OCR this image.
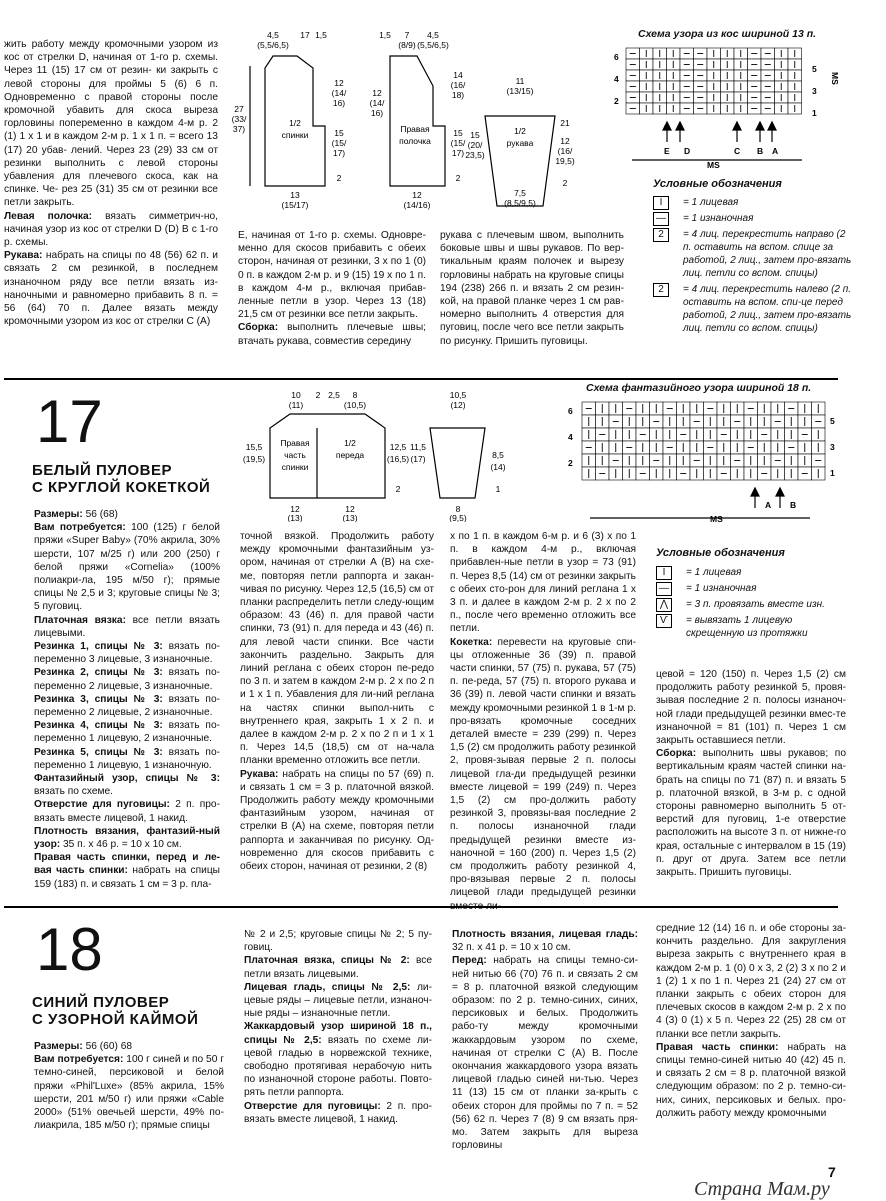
жить работу между кромочными узором из кос от стрелки D, начиная от 1-го р. схемы. Через 11 (15) 17 см от резин- ки закрыть с левой стороны для проймы 5 (6) 6 п. Одновременно с правой стороны после кромочной убавить для скоса выреза горловины попеременно в каждом 4-м р. 2 (1) 1 х 1 и в каждом 2-м р. 1 х 1 п. = всего 13 (17) 20 убав- лений. Через 23 (29) 33 см от резинки выполнить с левой стороны убавления для плечевого скоса, как на спинке. Че- рез 25 (31) 35 см от резинки все петли закрыть.

Левая полочка: вязать симметрич-но, начиная узор из кос от стрелки D (D) B с 1-го р. схемы.

Рукава: набрать на спицы по 48 (56) 62 п. и связать 2 см резинкой, в последнем изнаночном ряду все петли вязать из-наночными и равномерно прибавить 8 п. = 56 (64) 70 п. Далее вязать между кромочными узором из кос от стрелки С (А)

4,5
(5,5/6,5)
17 1,5
1/2
спинки
27
(33/
37)
12
(14/
16)
15
(15/
17)
2
13
(15/17)
1,5 7 4,5
(8/9) (5,5/6,5)
Правая
полочка
14
(16/
18)
12
(14/
16)
15
(15/
17)
2
12
(14/16)
11
(13/15)
1/2
рукава
15
(20/
23,5)
21
12
(16/
19,5)
2
7,5
(8,5/9,5)

Е, начиная от 1-го р. схемы. Одновре-менно для скосов прибавить с обеих сторон, начиная от резинки, 3 х по 1 (0) 0 п. в каждом 2-м р. и 9 (15) 19 х по 1 п. в каждом 4-м р., включая прибав-ленные петли в узор. Через 13 (18) 21,5 см от резинки все петли закрыть.

Сборка: выполнить плечевые швы; втачать рукава, совместив середину

рукава с плечевым швом, выполнить боковые швы и швы рукавов. По вер-тикальным краям полочек и вырезу горловины набрать на круговые спицы 194 (238) 266 п. и вязать 2 см резин-кой, на правой планке через 1 см рав-номерно выполнить 4 отверстия для пуговиц, после чего все петли закрыть по рисунку. Пришить пуговицы.

Схема узора из кос шириной 13 п.
6
4
2
5
3
1
MS
E D	C B A
MS
Условные обозначения
I	= 1 лицевая
—	= 1 изнаночная
2	= 4 лиц. перекрестить направо (2 п. оставить на вспом. спице за работой, 2 лиц., затем про-вязать лиц. петли со вспом. спицы)
2	= 4 лиц. перекрестить налево (2 п. оставить на вспом. спи-це перед работой, 2 лиц., затем про-вязать лиц. петли со вспом. спицы)
17
БЕЛЫЙ ПУЛОВЕР
С КРУГЛОЙ КОКЕТКОЙ

Размеры: 56 (68)

Вам потребуется: 100 (125) г белой пряжи «Super Baby» (70% акрила, 30% шерсти, 107 м/25 г) или 200 (250) г белой пряжи «Cornelia» (100% полиакри-ла, 195 м/50 г); прямые спицы № 2,5 и 3; круговые спицы № 3; 5 пуговиц.

Платочная вязка: все петли вязать лицевыми.

Резинка 1, спицы № 3: вязать по-переменно 3 лицевые, 3 изнаночные.

Резинка 2, спицы № 3: вязать по-переменно 2 лицевые, 3 изнаночные.

Резинка 3, спицы № 3: вязать по-переменно 2 лицевые, 2 изнаночные.

Резинка 4, спицы № 3: вязать по-переменно 1 лицевую, 2 изнаночные.

Резинка 5, спицы № 3: вязать по-переменно 1 лицевую, 1 изнаночную.

Фантазийный узор, спицы № 3: вязать по схеме.

Отверстие для пуговицы: 2 п. про-вязать вместе лицевой, 1 накид.

Плотность вязания, фантазий-ный узор: 35 п. х 46 р. = 10 х 10 см.

Правая часть спинки, перед и ле-вая часть спинки: набрать на спицы 159 (183) п. и связать 1 см = 3 р. пла-

10
(11)
2 2,5 8
(10,5)
Правая
часть
спинки
1/2
переда
15,5
(19,5)
12,5
(16,5)
2
12
(13)
12
(13)
10,5
(12)
11,5
(17)	8,5
(14)
1
8
(9,5)
Схема фантазийного узора шириной 18 п.
6
4
2
5
3
1
A B
MS
Условные обозначения
I	= 1 лицевая
—	= 1 изнаночная
⋀	= 3 п. провязать вместе изн.
Ѵ	= вывязать 1 лицевую скрещенную из протяжки

точной вязкой. Продолжить работу между кромочными фантазийным уз-ором, начиная от стрелки А (В) на схе-ме, повторяя петли раппорта и закан-чивая по рисунку. Через 12,5 (16,5) см от планки распределить петли следу-ющим образом: 43 (46) п. для правой части спинки, 73 (91) п. для переда и 43 (46) п. для левой части спинки. Все части закончить раздельно. Закрыть для линий реглана с обеих сторон пе-редо по 3 п. и затем в каждом 2-м р. 2 х по 2 п и 1 х 1 п. Убавления для ли-ний реглана на частях спинки выпол-нить с внутреннего края, закрыть 1 х 2 п. и далее в каждом 2-м р. 2 х по 2 п и 1 х 1 п. Через 14,5 (18,5) см от на-чала планки временно отложить все петли.

Рукава: набрать на спицы по 57 (69) п. и связать 1 см = 3 р. платочной вязкой. Продолжить работу между кромочными фантазийным узором, начиная от стрелки В (А) на схеме, повторяя петли раппорта и заканчивая по рисунку. Од-новременно для скосов прибавить с обеих сторон, начиная от резинки, 2 (8)

х по 1 п. в каждом 6-м р. и 6 (3) х по 1 п. в каждом 4-м р., включая прибавлен-ные петли в узор = 73 (91) п. Через 8,5 (14) см от резинки закрыть с обеих сто-рон для линий реглана 1 х 3 п. и далее в каждом 2-м р. 2 х по 2 п., после чего временно отложить все петли.

Кокетка: перевести на круговые спи-цы отложенные 36 (39) п. правой части спинки, 57 (75) п. рукава, 57 (75) п. пе-реда, 57 (75) п. второго рукава и 36 (39) п. левой части спинки и вязать между кромочными резинкой 1 в 1-м р. про-вязать кромочные соседних деталей вместе = 239 (299) п. Через 1,5 (2) см продолжить работу резинкой 2, провя-зывая первые 2 п. полосы лицевой гла-ди предыдущей резинки вместе лицевой = 199 (249) п. Через 1,5 (2) см про-должить работу резинкой 3, провязы-вая последние 2 п. полосы изнаночной глади предыдущей резинки вместе из-наночной = 160 (200) п. Через 1,5 (2) см продолжить работу резинкой 4, про-вязывая первые 2 п. полосы лицевой глади предыдущей резинки

цевой = 120 (150) п. Через 1,5 (2) см продолжить работу резинкой 5, провя-зывая последние 2 п. полосы изнаноч-ной глади предыдущей резинки вмес-те изнаночной = 81 (101) п. Через 1 см закрыть оставшиеся петли.

Сборка: выполнить швы рукавов; по вертикальным краям частей спинки на-брать на спицы по 71 (87) п. и вязать 5 р. платочной вязкой, в 3-м р. с одной стороны равномерно выполнить 5 от-верстий для пуговиц, 1-е отверстие расположить на высоте 3 п. от нижне-го края, остальные с интервалом в 15 (19) п. друг от друга. Затем все петли закрыть. Пришить пуговицы.

18
СИНИЙ ПУЛОВЕР
С УЗОРНОЙ КАЙМОЙ

Размеры: 56 (60) 68

Вам потребуется: 100 г синей и по 50 г темно-синей, персиковой и белой пряжи «Phil'Luxe» (85% акрила, 15% шерсти, 201 м/50 г) или пряжи «Cable 2000» (51% овечьей шерсти, 49% по-лиакрила, 185 м/50 г); прямые спицы

№ 2 и 2,5; круговые спицы № 2; 5 пу-говиц.

Платочная вязка, спицы № 2: все петли вязать лицевыми.

Лицевая гладь, спицы № 2,5: ли-цевые ряды – лицевые петли, изнаноч-ные ряды – изнаночные петли.

Жаккардовый узор шириной 18 п., спицы № 2,5: вязать по схеме ли-цевой гладью в норвежской технике, свободно протягивая нерабочую нить по изнаночной стороне работы. Повто-рять петли раппорта.

Отверстие для пуговицы: 2 п. про-вязать вместе лицевой, 1 накид.

Плотность вязания, лицевая гладь: 32 п. х 41 р. = 10 х 10 см.

Перед: набрать на спицы темно-си-ней нитью 66 (70) 76 п. и связать 2 см = 8 р. платочной вязкой следующим образом: по 2 р. темно-синих, синих, персиковых и белых. Продолжить рабо-ту между кромочными жаккардовым узором по схеме, начиная от стрелки С (А) В. После окончания жаккардового узора вязать лицевой гладью синей ни-тью. Через 11 (13) 15 см от планки за-крыть с обеих сторон для проймы по 7 п. = 52 (56) 62 п. Через 7 (8) 9 см вязать пря-мо. Затем закрыть для выреза горловины

средние 12 (14) 16 п. и обе стороны за-кончить раздельно. Для закругления выреза закрыть с внутреннего края в каждом 2-м р. 1 (0) 0 х 3, 2 (2) 3 х по 2 и 1 (2) 1 х по 1 п. Через 21 (24) 27 см от планки закрыть с обеих сторон для плечевых скосов в каждом 2-м р. 2 х по 4 (3) 0 (1) х 5 п. Через 22 (25) 28 см от планки все петли закрыть.

Правая часть спинки: набрать на спицы темно-синей нитью 40 (42) 45 п. и связать 2 см = 8 р. платочной вязкой следующим образом: по 2 р. темно-си-них, синих, персиковых и белых. про-должить работу между кромочными

7
Страна Мам.ру
